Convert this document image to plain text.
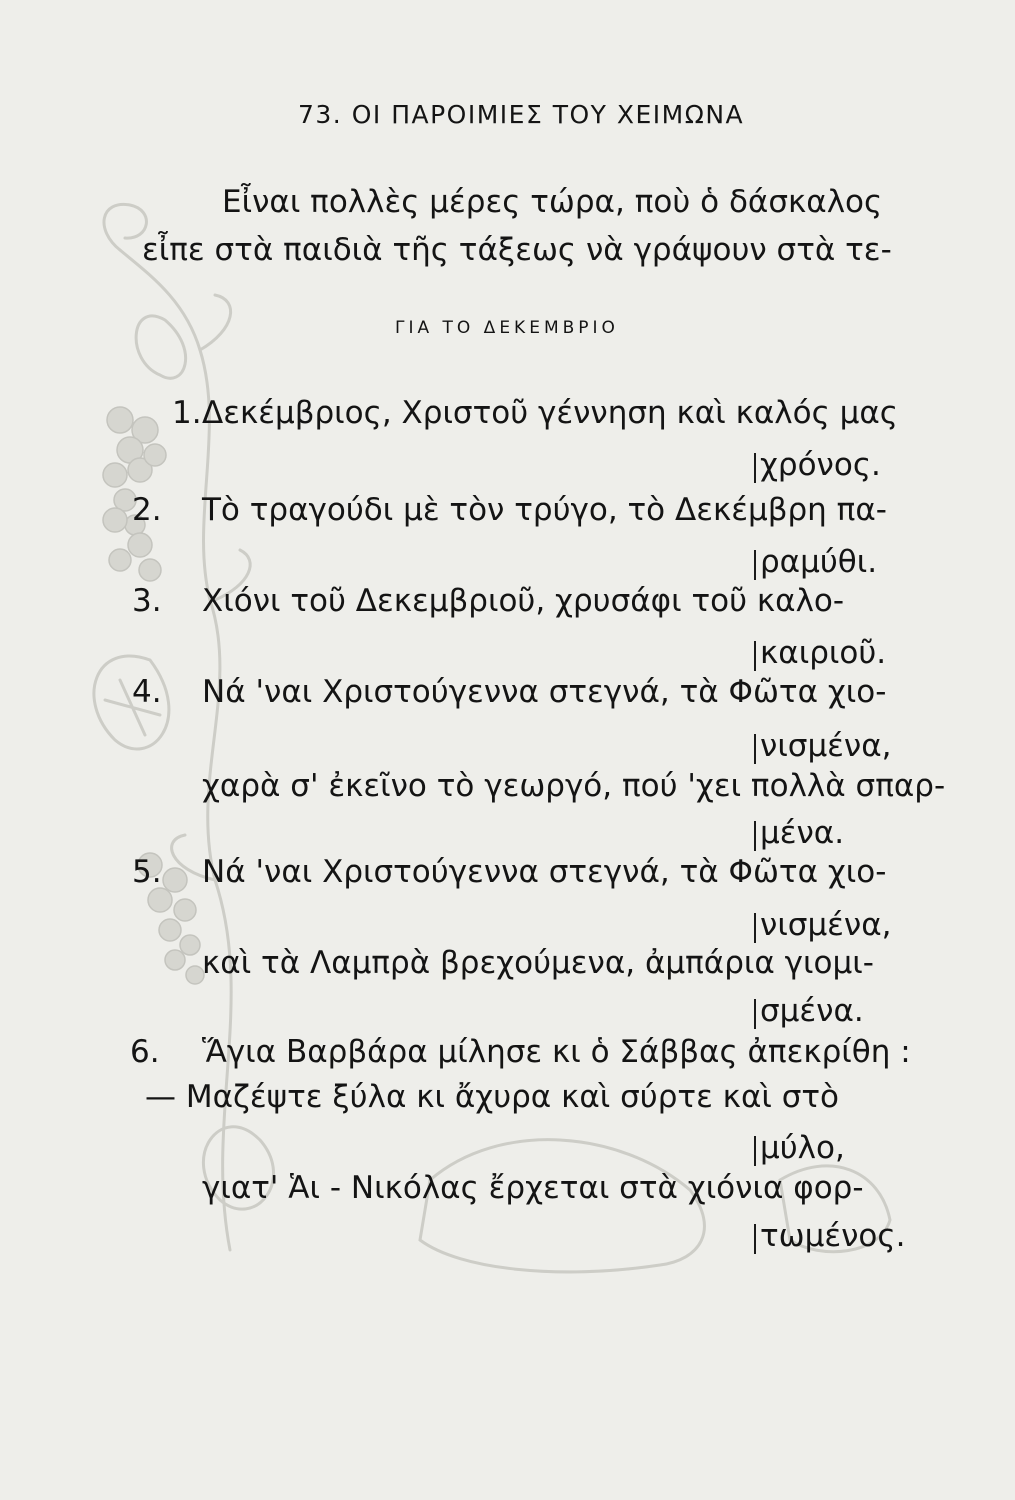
73. ΟΙ ΠΑΡΟΙΜΙΕΣ ΤΟΥ ΧΕΙΜΩΝΑ
Εἶναι πολλὲς μέρες τώρα, ποὺ ὁ δάσκαλος
εἶπε στὰ παιδιὰ τῆς τάξεως νὰ γράψουν στὰ τε-
ΓΙΑ ΤΟ ΔΕΚΕΜΒΡΙΟ
1. Δεκέμβριος, Χριστοῦ γέννηση καὶ καλός μας
χρόνος.
2. Τὸ τραγούδι μὲ τὸν τρύγο, τὸ Δεκέμβρη πα-
ραμύθι.
3. Χιόνι τοῦ Δεκεμβριοῦ, χρυσάφι τοῦ καλο-
καιριοῦ.
4. Νά 'ναι Χριστούγεννα στεγνά, τὰ Φῶτα χιο-
νισμένα,
χαρὰ σ' ἐκεῖνο τὸ γεωργό, πού 'χει πολλὰ σπαρ-
μένα.
5. Νά 'ναι Χριστούγεννα στεγνά, τὰ Φῶτα χιο-
νισμένα,
καὶ τὰ Λαμπρὰ βρεχούμενα, ἀμπάρια γιομι-
σμένα.
6. Ἅγια Βαρβάρα μίλησε κι ὁ Σάββας ἀπεκρίθη :
— Μαζέψτε ξύλα κι ἄχυρα καὶ σύρτε καὶ στὸ
μύλο,
γιατ' Ἁι - Νικόλας ἔρχεται στὰ χιόνια φορ-
τωμένος.
